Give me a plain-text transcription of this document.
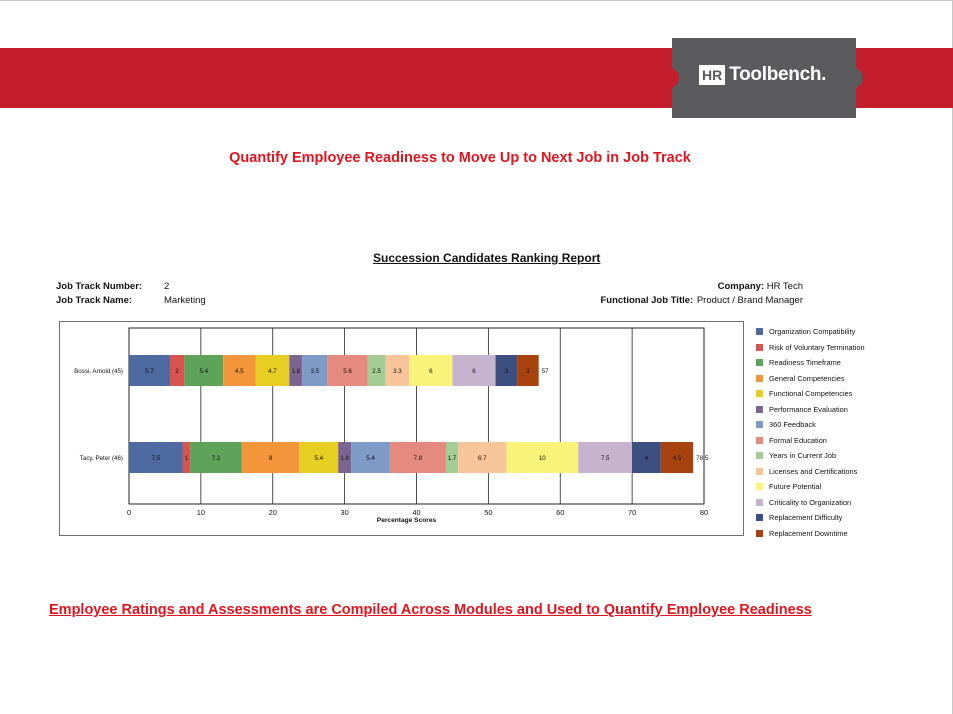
HR Toolbench.
Quantify Employee Readiness to Move Up to Next Job in Job Track
Succession Candidates Ranking Report
Job Track Number: 2
Job Track Name:	Marketing
Company: HR Tech
Functional Job Title: Product / Brand Manager
0	10	20	30	40	50	60	70	80
Percentage Scores
Bossi, Arnold (45)	5.7	2	5.4	4.5	4.7 1.8 3.5	5.6	2.5 3.3	6	6	3	3 57
Tacy, Peter (46)	7.5	1	7.2	8	5.4	1.8	5.4	7.8	1.7	6.7	10	7.5	4	4.5 78.5
Organization Compatibility
Risk of Voluntary Termination
Readiness Timeframe
General Competencies
Functional Competencies
Performance Evaluation
360 Feedback
Formal Education
Years in Current Job
Licenses and Certifications
Future Potential
Criticality to Organization
Replacement Difficulty
Replacement Downtime
Employee Ratings and Assessments are Compiled Across Modules and Used to Quantify Employee Readiness
